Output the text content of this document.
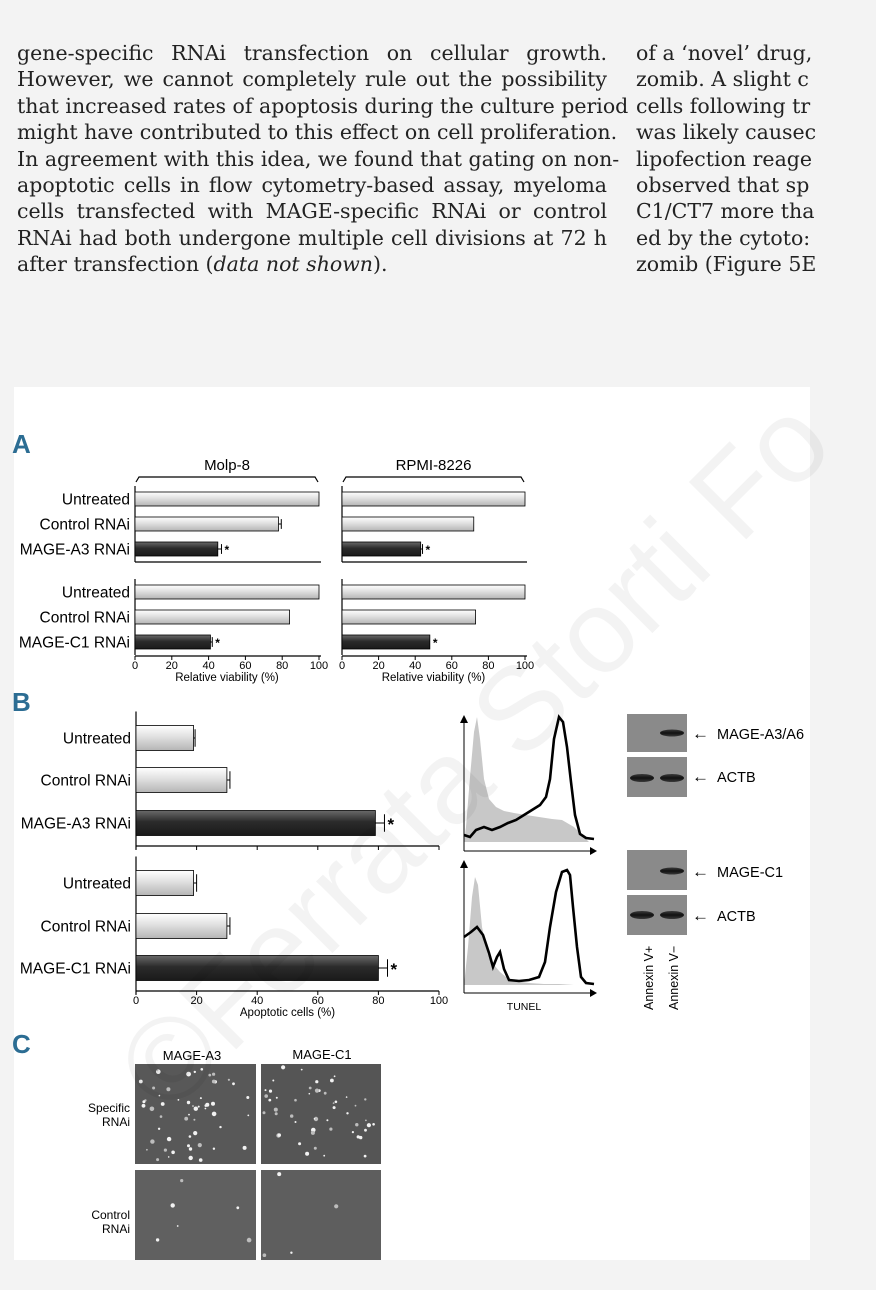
gene-specific RNAi transfection on cellular growth.
However, we cannot completely rule out the possibility
that increased rates of apoptosis during the culture period
might have contributed to this effect on cell proliferation.
In agreement with this idea, we found that gating on non-
apoptotic cells in flow cytometry-based assay, myeloma
cells transfected with MAGE-specific RNAi or control
RNAi had both undergone multiple cell divisions at 72 h
after transfection (data not shown).
of a ‘novel’ drug,
zomib. A slight c
cells following tr
was likely causec
lipofection reage
observed that sp
C1/CT7 more tha
ed by the cytoto:
zomib (Figure 5E
A
B
C
Molp-8
Untreated
Control RNAi
*
MAGE-A3 RNAi
Untreated
Control RNAi
*
MAGE-C1 RNAi
0	20 40 60 80 100
Relative viability (%)
RPMI-8226
*
*
0 20 40 60 80 100
Relative viability (%)
Untreated
Control RNAi
*
MAGE-A3 RNAi
Untreated
Control RNAi
*
MAGE-C1 RNAi
0	20	40	60	80	100
Apoptotic cells (%)	TUNEL
← MAGE-A3/A6
← ACTB
← MAGE-C1
← ACTB
Annexin V+ Annexin V−
MAGE-A3	MAGE-C1
Specific
RNAi
Control
RNAi
